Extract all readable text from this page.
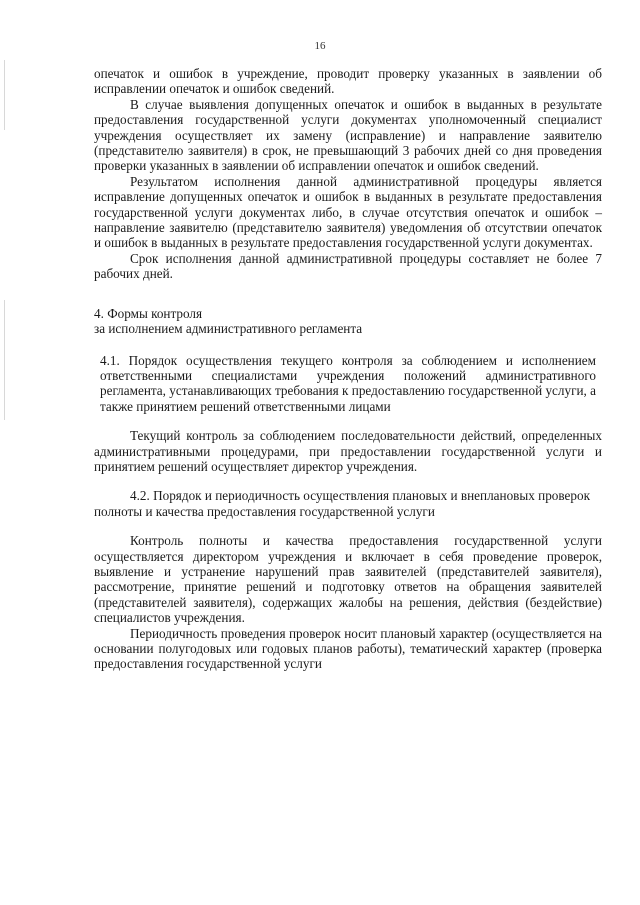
16

опечаток и ошибок в учреждение, проводит проверку указанных в заявлении об исправлении опечаток и ошибок сведений.

В случае выявления допущенных опечаток и ошибок в выданных в результате предоставления государственной услуги документах уполномоченный специалист учреждения осуществляет их замену (исправление) и направление заявителю (представителю заявителя) в срок, не превышающий 3 рабочих дней со дня проведения проверки указанных в заявлении об исправлении опечаток и ошибок сведений.

Результатом исполнения данной административной процедуры является исправление допущенных опечаток и ошибок в выданных в результате предоставления государственной услуги документах либо, в случае отсутствия опечаток и ошибок – направление заявителю (представителю заявителя) уведомления об отсутствии опечаток и ошибок в выданных в результате предоставления государственной услуги документах.

Срок исполнения данной административной процедуры составляет не более 7 рабочих дней.

4. Формы контроля
за исполнением административного регламента

4.1. Порядок осуществления текущего контроля за соблюдением и исполнением ответственными специалистами учреждения положений административного регламента, устанавливающих требования к предоставлению государственной услуги, а также принятием решений ответственными лицами

Текущий контроль за соблюдением последовательности действий, определенных административными процедурами, при предоставлении государственной услуги и принятием решений осуществляет директор учреждения.

4.2. Порядок и периодичность осуществления плановых и внеплановых проверок полноты и качества предоставления государственной услуги

Контроль полноты и качества предоставления государственной услуги осуществляется директором учреждения и включает в себя проведение проверок, выявление и устранение нарушений прав заявителей (представителей заявителя), рассмотрение, принятие решений и подготовку ответов на обращения заявителей (представителей заявителя), содержащих жалобы на решения, действия (бездействие) специалистов учреждения.

Периодичность проведения проверок носит плановый характер (осуществляется на основании полугодовых или годовых планов работы), тематический характер (проверка предоставления государственной услуги
